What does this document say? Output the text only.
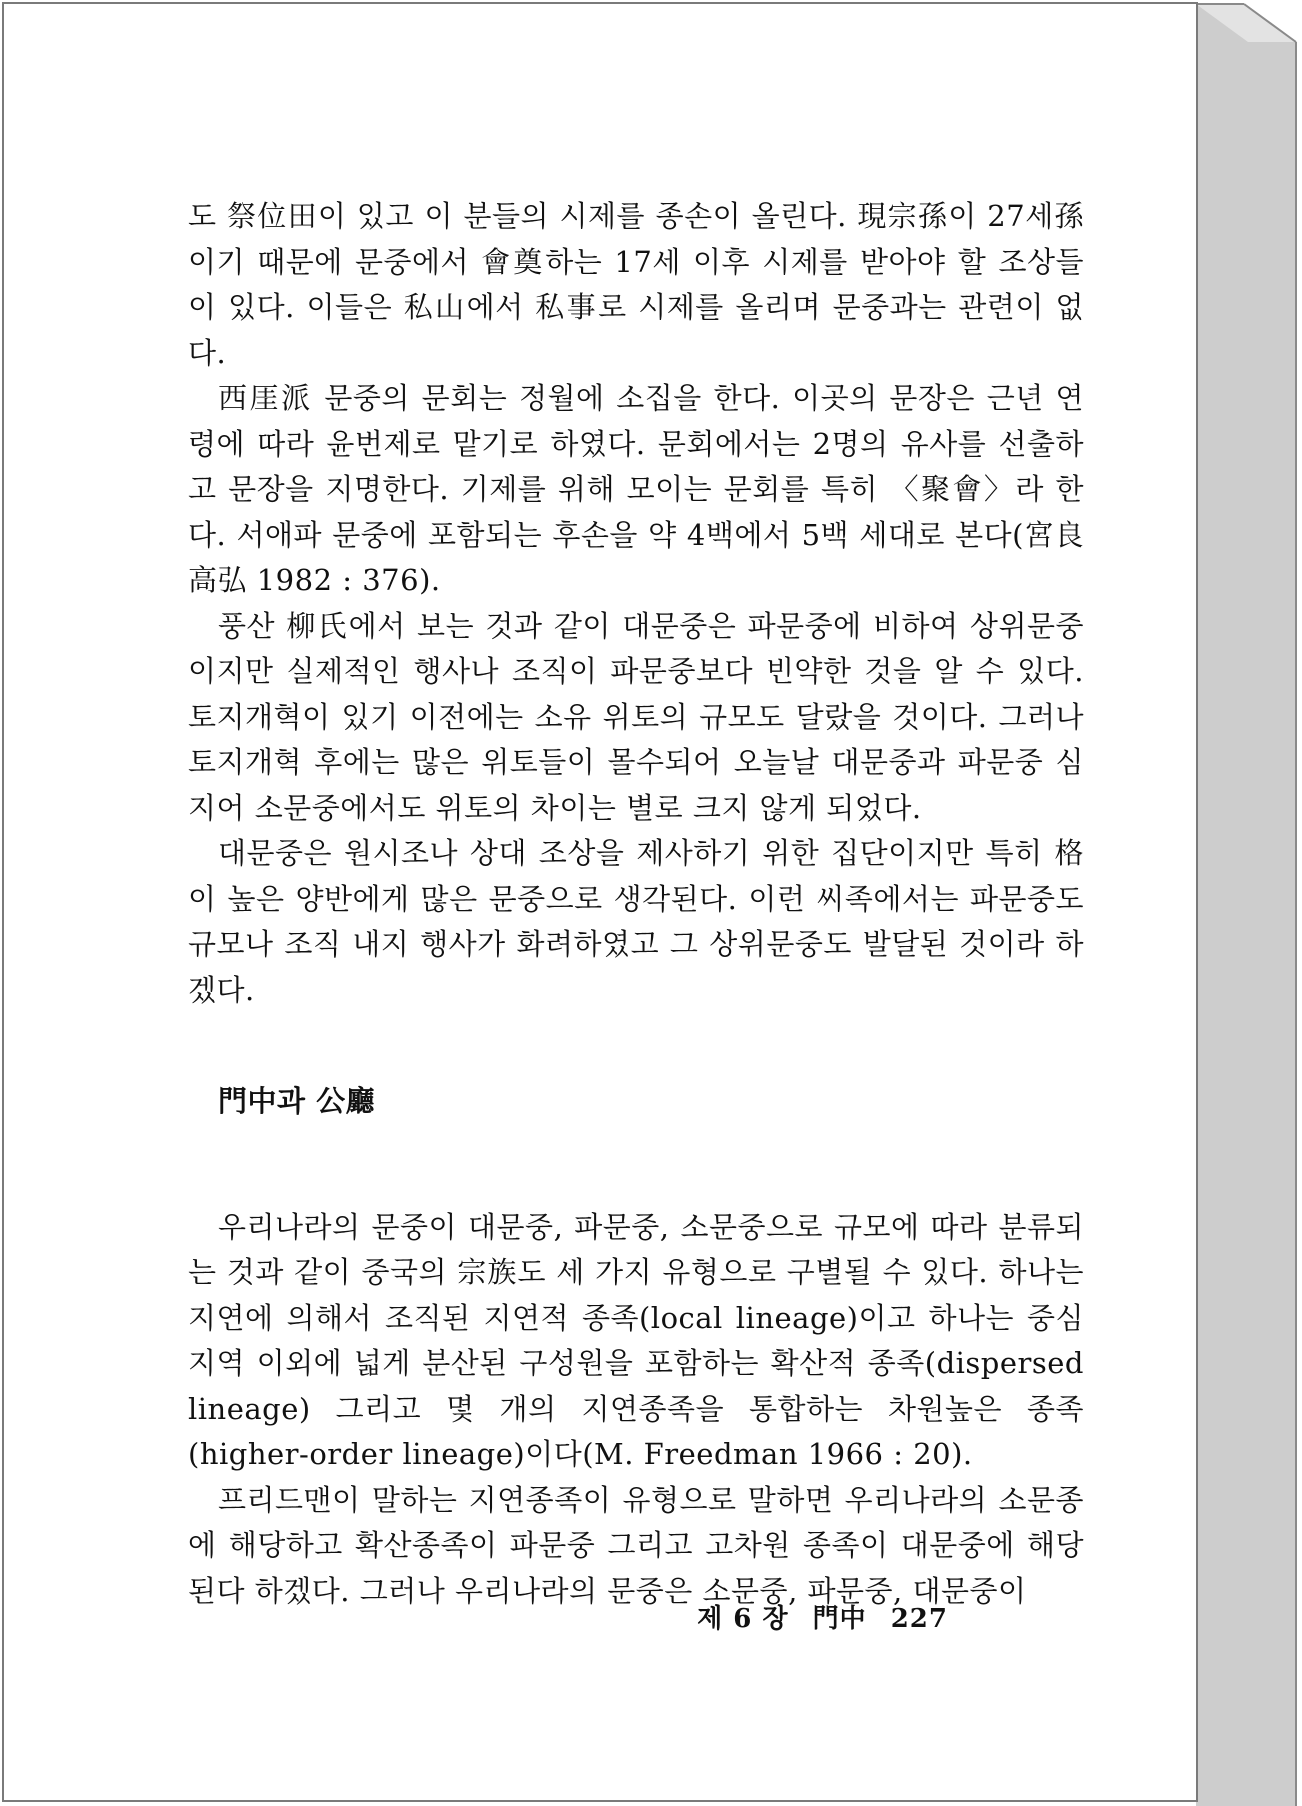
도 祭位田이 있고 이 분들의 시제를 종손이 올린다. 現宗孫이 27세孫이기 때문에 문중에서 會奠하는 17세 이후 시제를 받아야 할 조상들이 있다. 이들은 私山에서 私事로 시제를 올리며 문중과는 관련이 없다.

西厓派 문중의 문회는 정월에 소집을 한다. 이곳의 문장은 근년 연령에 따라 윤번제로 맡기로 하였다. 문회에서는 2명의 유사를 선출하고 문장을 지명한다. 기제를 위해 모이는 문회를 특히 〈聚會〉라 한다. 서애파 문중에 포함되는 후손을 약 4백에서 5백 세대로 본다(宮良高弘 1982 : 376).

풍산 柳氏에서 보는 것과 같이 대문중은 파문중에 비하여 상위문중이지만 실제적인 행사나 조직이 파문중보다 빈약한 것을 알 수 있다. 토지개혁이 있기 이전에는 소유 위토의 규모도 달랐을 것이다. 그러나 토지개혁 후에는 많은 위토들이 몰수되어 오늘날 대문중과 파문중 심지어 소문중에서도 위토의 차이는 별로 크지 않게 되었다.

대문중은 원시조나 상대 조상을 제사하기 위한 집단이지만 특히 格이 높은 양반에게 많은 문중으로 생각된다. 이런 씨족에서는 파문중도 규모나 조직 내지 행사가 화려하였고 그 상위문중도 발달된 것이라 하겠다.

門中과 公廳

우리나라의 문중이 대문중, 파문중, 소문중으로 규모에 따라 분류되는 것과 같이 중국의 宗族도 세 가지 유형으로 구별될 수 있다. 하나는 지연에 의해서 조직된 지연적 종족(local lineage)이고 하나는 중심지역 이외에 넓게 분산된 구성원을 포함하는 확산적 종족(dispersed lineage) 그리고 몇 개의 지연종족을 통합하는 차원높은 종족(higher-order lineage)이다(M. Freedman 1966 : 20).

프리드맨이 말하는 지연종족이 유형으로 말하면 우리나라의 소문종에 해당하고 확산종족이 파문중 그리고 고차원 종족이 대문중에 해당된다 하겠다. 그러나 우리나라의 문중은 소문중, 파문중, 대문중이

제 6 장 門中 227
